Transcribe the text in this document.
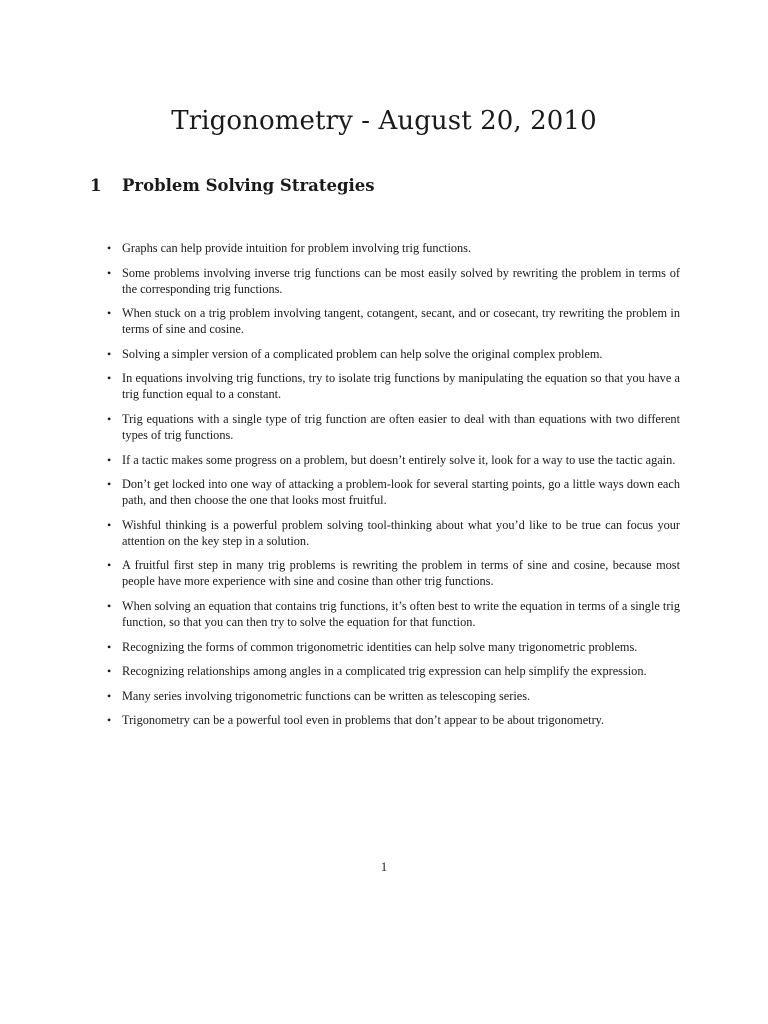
Trigonometry - August 20, 2010
1 Problem Solving Strategies
• Graphs can help provide intuition for problem involving trig functions.
• Some problems involving inverse trig functions can be most easily solved by rewriting the problem in terms of the corresponding trig functions.
• When stuck on a trig problem involving tangent, cotangent, secant, and or cosecant, try rewriting the problem in terms of sine and cosine.
• Solving a simpler version of a complicated problem can help solve the original complex problem.
• In equations involving trig functions, try to isolate trig functions by manipulating the equation so that you have a trig function equal to a constant.
• Trig equations with a single type of trig function are often easier to deal with than equations with two different types of trig functions.
• If a tactic makes some progress on a problem, but doesn’t entirely solve it, look for a way to use the tactic again.
• Don’t get locked into one way of attacking a problem-look for several starting points, go a little ways down each path, and then choose the one that looks most fruitful.
• Wishful thinking is a powerful problem solving tool-thinking about what you’d like to be true can focus your attention on the key step in a solution.
• A fruitful first step in many trig problems is rewriting the problem in terms of sine and cosine, because most people have more experience with sine and cosine than other trig functions.
• When solving an equation that contains trig functions, it’s often best to write the equation in terms of a single trig function, so that you can then try to solve the equation for that function.
• Recognizing the forms of common trigonometric identities can help solve many trigonometric problems.
• Recognizing relationships among angles in a complicated trig expression can help simplify the expression.
• Many series involving trigonometric functions can be written as telescoping series.
• Trigonometry can be a powerful tool even in problems that don’t appear to be about trigonometry.
1
